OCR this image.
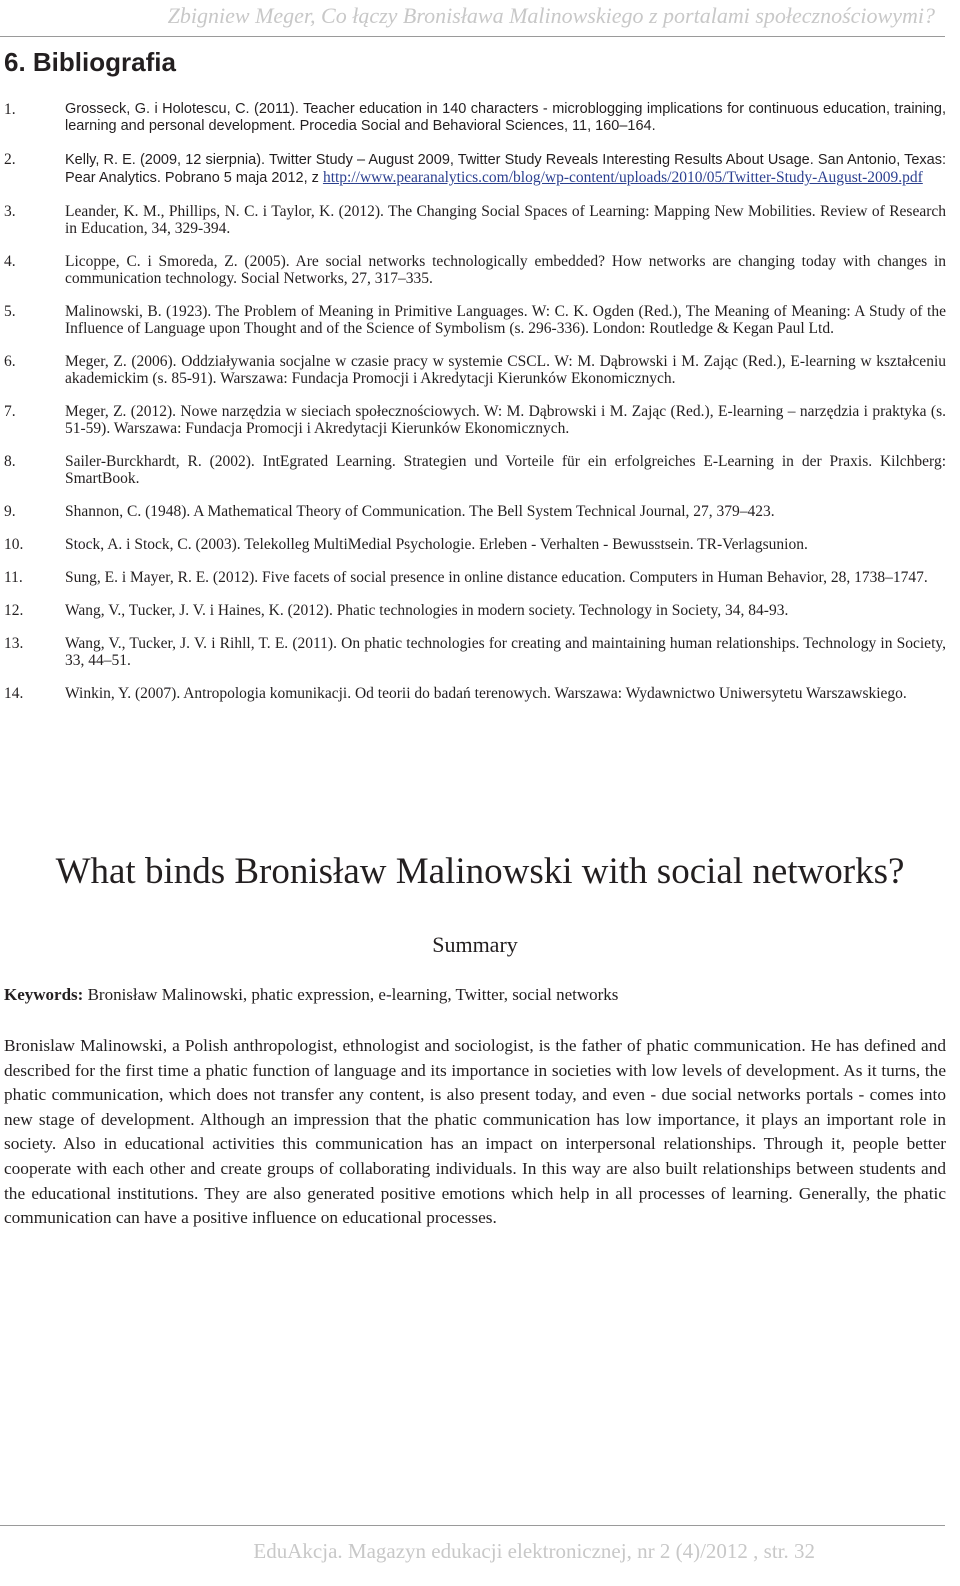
Zbigniew Meger, Co łączy Bronisława Malinowskiego z portalami społecznościowymi?
6. Bibliografia
1.	Grosseck, G. i Holotescu, C. (2011). Teacher education in 140 characters - microblogging implications for continuous education, training, learning and personal development. Procedia Social and Behavioral Sciences, 11, 160–164.
2.	Kelly, R. E. (2009, 12 sierpnia). Twitter Study – August 2009, Twitter Study Reveals Interesting Results About Usage. San Antonio, Texas: Pear Analytics. Pobrano 5 maja 2012, z http://www.pearanalytics.com/blog/wp-content/uploads/2010/05/Twitter-Study-August-2009.pdf
3.	Leander, K. M., Phillips, N. C. i Taylor, K. (2012). The Changing Social Spaces of Learning: Mapping New Mobilities. Review of Research in Education, 34, 329-394.
4.	Licoppe, C. i Smoreda, Z. (2005). Are social networks technologically embedded? How networks are changing today with changes in communication technology. Social Networks, 27, 317–335.
5.	Malinowski, B. (1923). The Problem of Meaning in Primitive Languages. W: C. K. Ogden (Red.), The Meaning of Meaning: A Study of the Influence of Language upon Thought and of the Science of Symbolism (s. 296-336). London: Routledge & Kegan Paul Ltd.
6.	Meger, Z. (2006). Oddziaływania socjalne w czasie pracy w systemie CSCL. W: M. Dąbrowski i M. Zając (Red.), E-learning w kształceniu akademickim (s. 85-91). Warszawa: Fundacja Promocji i Akredytacji Kierunków Ekonomicznych.
7.	Meger, Z. (2012). Nowe narzędzia w sieciach społecznościowych. W: M. Dąbrowski i M. Zając (Red.), E-learning – narzędzia i praktyka (s. 51-59). Warszawa: Fundacja Promocji i Akredytacji Kierunków Ekonomicznych.
8.	Sailer-Burckhardt, R. (2002). IntEgrated Learning. Strategien und Vorteile für ein erfolgreiches E-Learning in der Praxis. Kilchberg: SmartBook.
9.	Shannon, C. (1948). A Mathematical Theory of Communication. The Bell System Technical Journal, 27, 379–423.
10.	Stock, A. i Stock, C. (2003). Telekolleg MultiMedial Psychologie. Erleben - Verhalten - Bewusstsein. TR-Verlagsunion.
11.	Sung, E. i Mayer, R. E. (2012). Five facets of social presence in online distance education. Computers in Human Behavior, 28, 1738–1747.
12.	Wang, V., Tucker, J. V. i Haines, K. (2012). Phatic technologies in modern society. Technology in Society, 34, 84-93.
13.	Wang, V., Tucker, J. V. i Rihll, T. E. (2011). On phatic technologies for creating and maintaining human relationships. Technology in Society, 33, 44–51.
14.	Winkin, Y. (2007). Antropologia komunikacji. Od teorii do badań terenowych. Warszawa: Wydawnictwo Uniwersytetu Warszawskiego.
What binds Bronisław Malinowski with social networks?
Summary

Keywords: Bronisław Malinowski, phatic expression, e-learning, Twitter, social networks

Bronislaw Malinowski, a Polish anthropologist, ethnologist and sociologist, is the father of phatic communication. He has defined and described for the first time a phatic function of language and its importance in societies with low levels of development. As it turns, the phatic communication, which does not transfer any content, is also present today, and even - due social networks portals - comes into new stage of development. Although an impression that the phatic communication has low importance, it plays an important role in society. Also in educational activities this communication has an impact on interpersonal relationships. Through it, people better cooperate with each other and create groups of collaborating individuals. In this way are also built relationships between students and the educational institutions. They are also generated positive emotions which help in all processes of learning. Generally, the phatic communication can have a positive influence on educational processes.

EduAkcja. Magazyn edukacji elektronicznej, nr 2 (4)/2012 , str. 32
